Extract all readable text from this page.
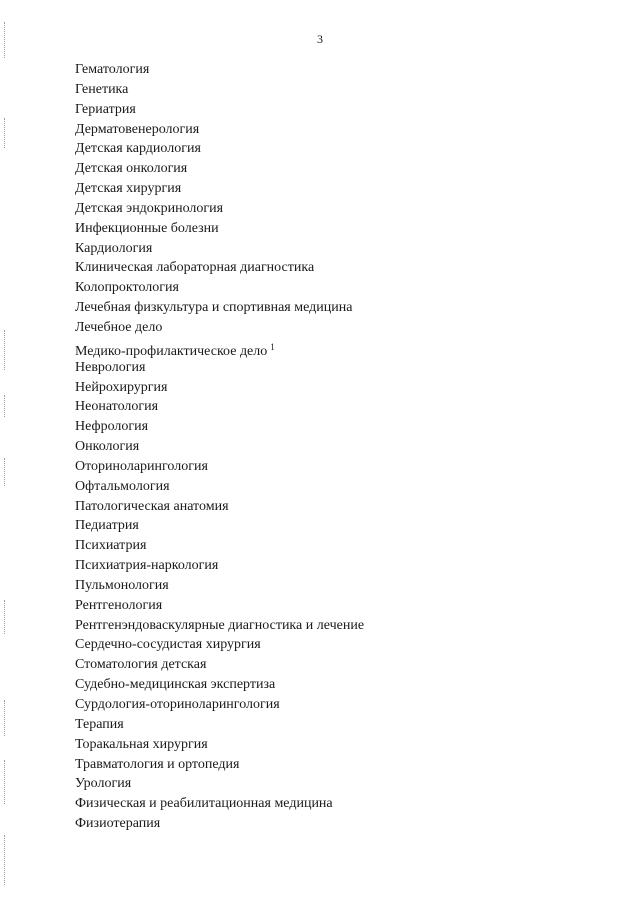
3
Гематология
Генетика
Гериатрия
Дерматовенерология
Детская кардиология
Детская онкология
Детская хирургия
Детская эндокринология
Инфекционные болезни
Кардиология
Клиническая лабораторная диагностика
Колопроктология
Лечебная физкультура и спортивная медицина
Лечебное дело
Медико-профилактическое дело $^1$
Неврология
Нейрохирургия
Неонатология
Нефрология
Онкология
Оториноларингология
Офтальмология
Патологическая анатомия
Педиатрия
Психиатрия
Психиатрия-наркология
Пульмонология
Рентгенология
Рентгенэндоваскулярные диагностика и лечение
Сердечно-сосудистая хирургия
Стоматология детская
Судебно-медицинская экспертиза
Сурдология-оториноларингология
Терапия
Торакальная хирургия
Травматология и ортопедия
Урология
Физическая и реабилитационная медицина
Физиотерапия
